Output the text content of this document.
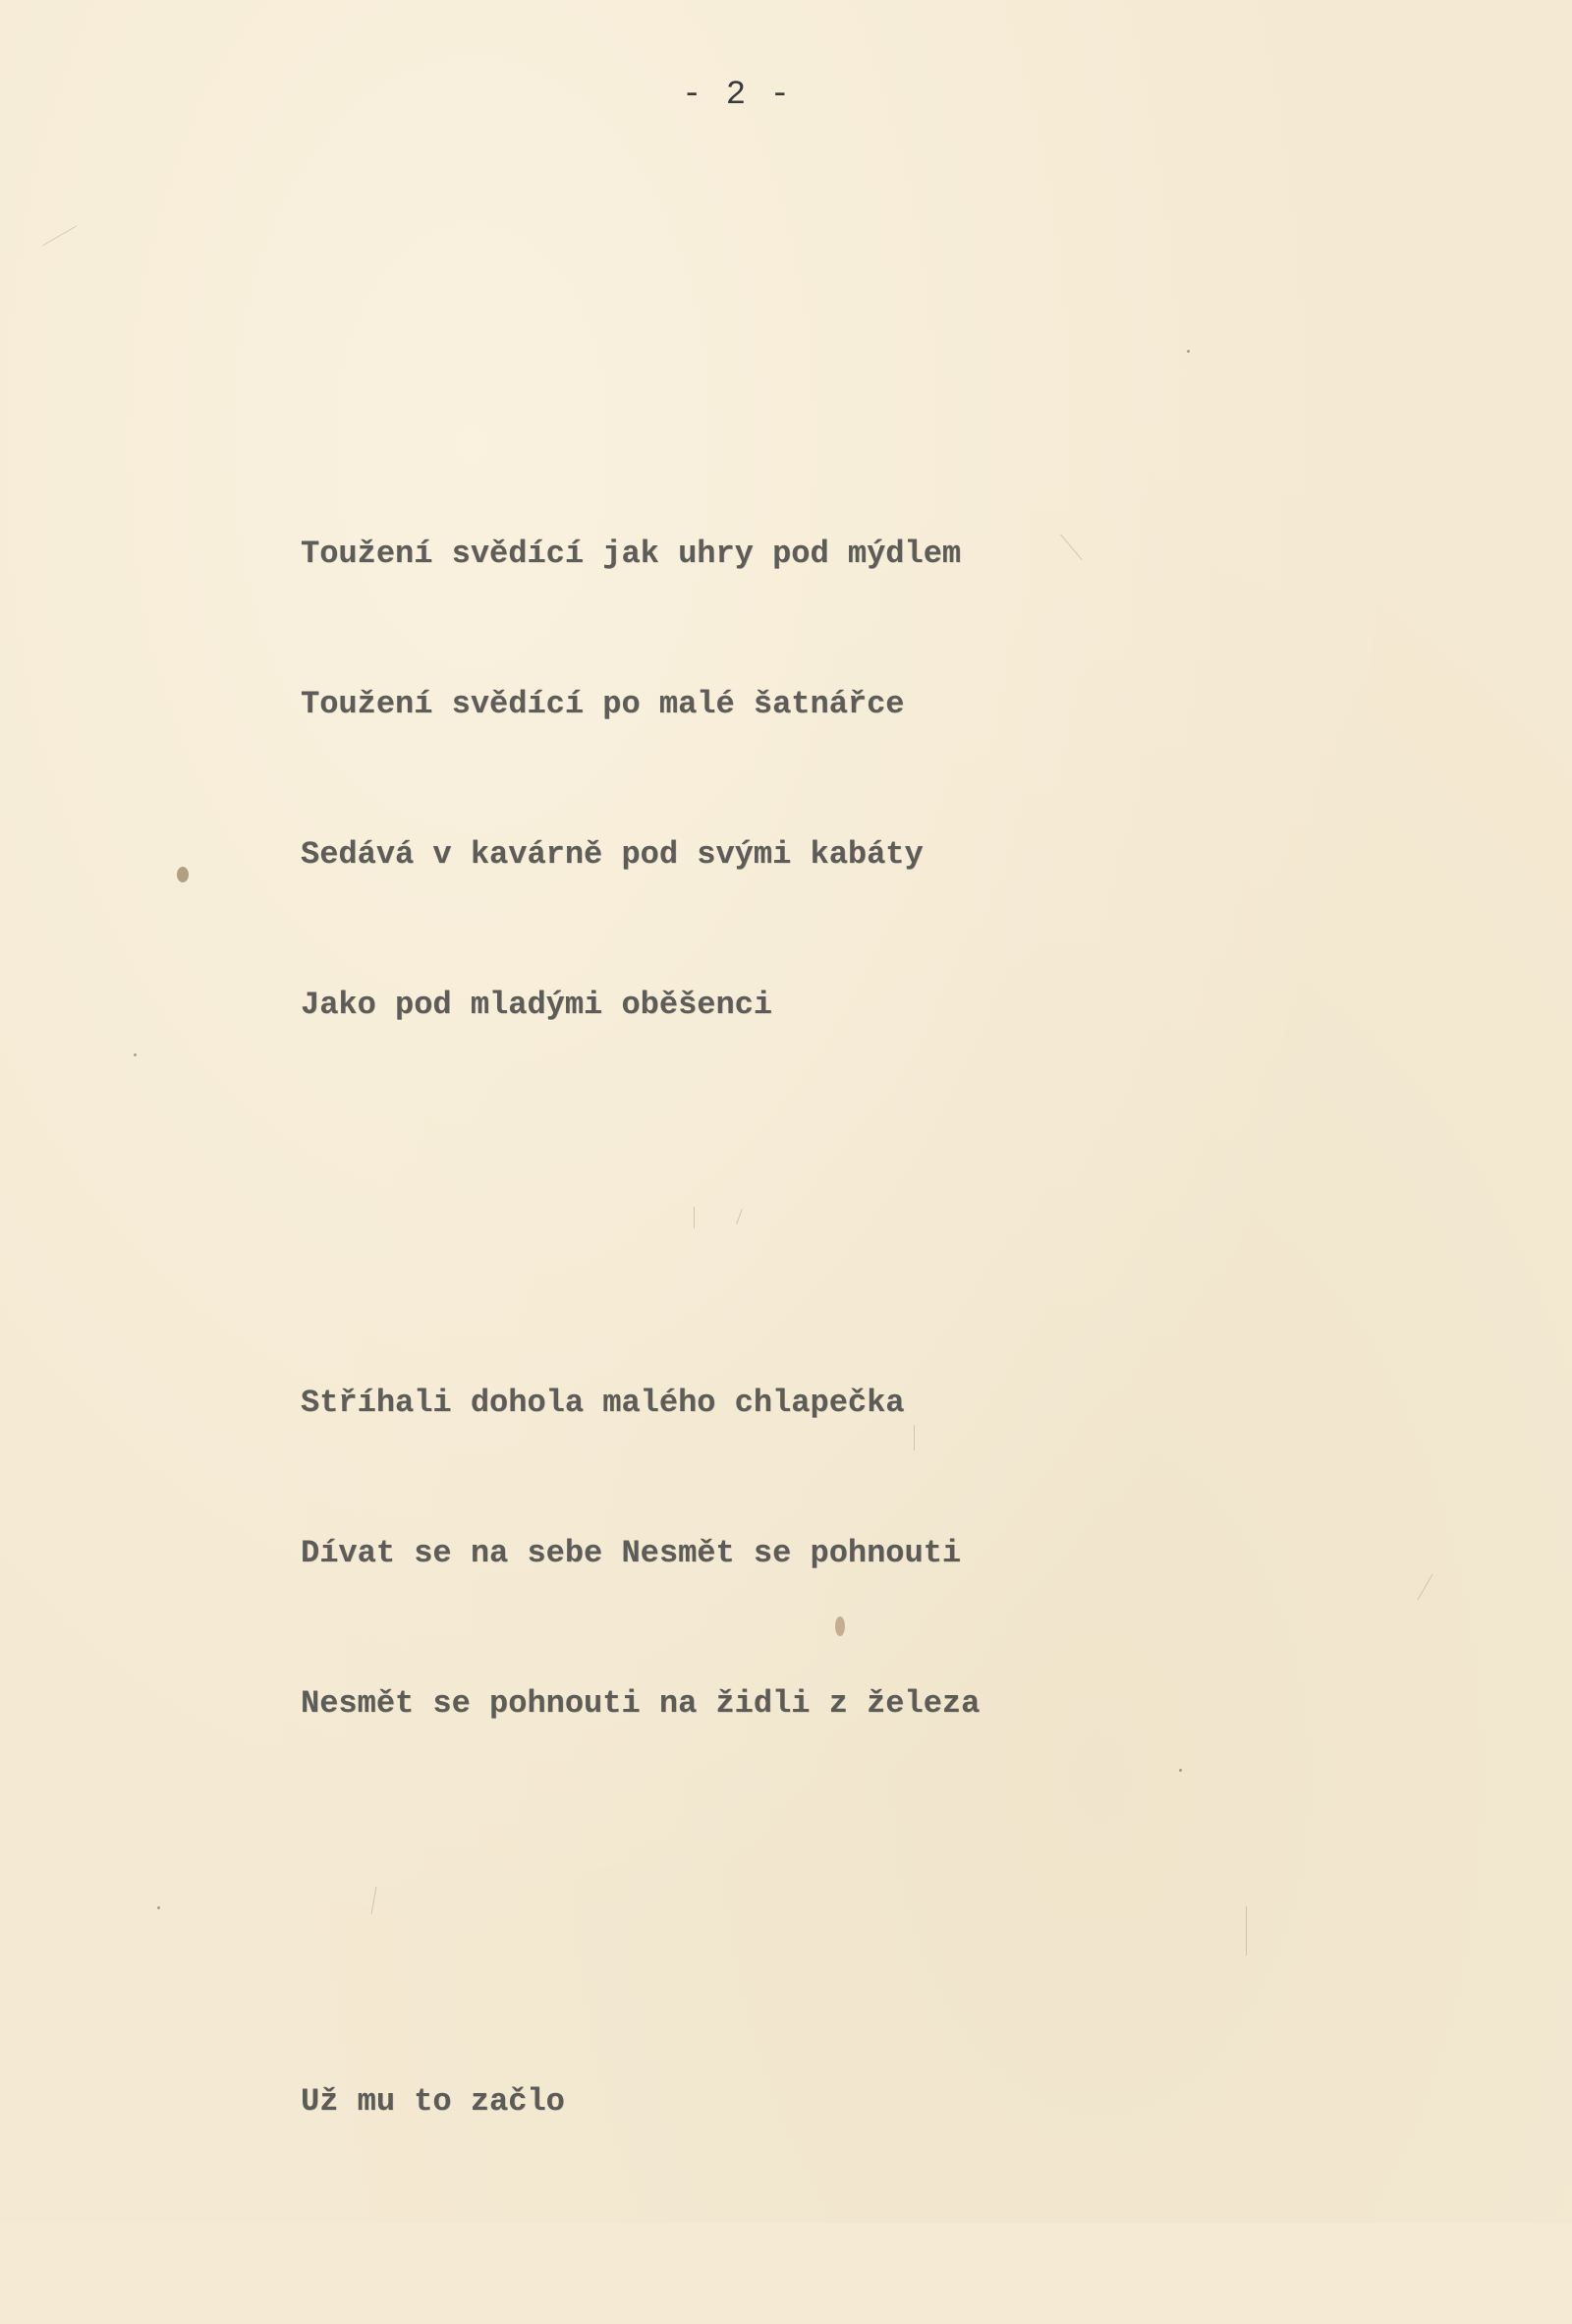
- 2 -

Toužení svědící jak uhry pod mýdlem

Toužení svědící po malé šatnářce

Sedává v kavárně pod svými kabáty

Jako pod mladými oběšenci

Stříhali dohola malého chlapečka

Dívat se na sebe Nesmět se pohnouti

Nesmět se pohnouti na židli z železa

Už mu to začlo
